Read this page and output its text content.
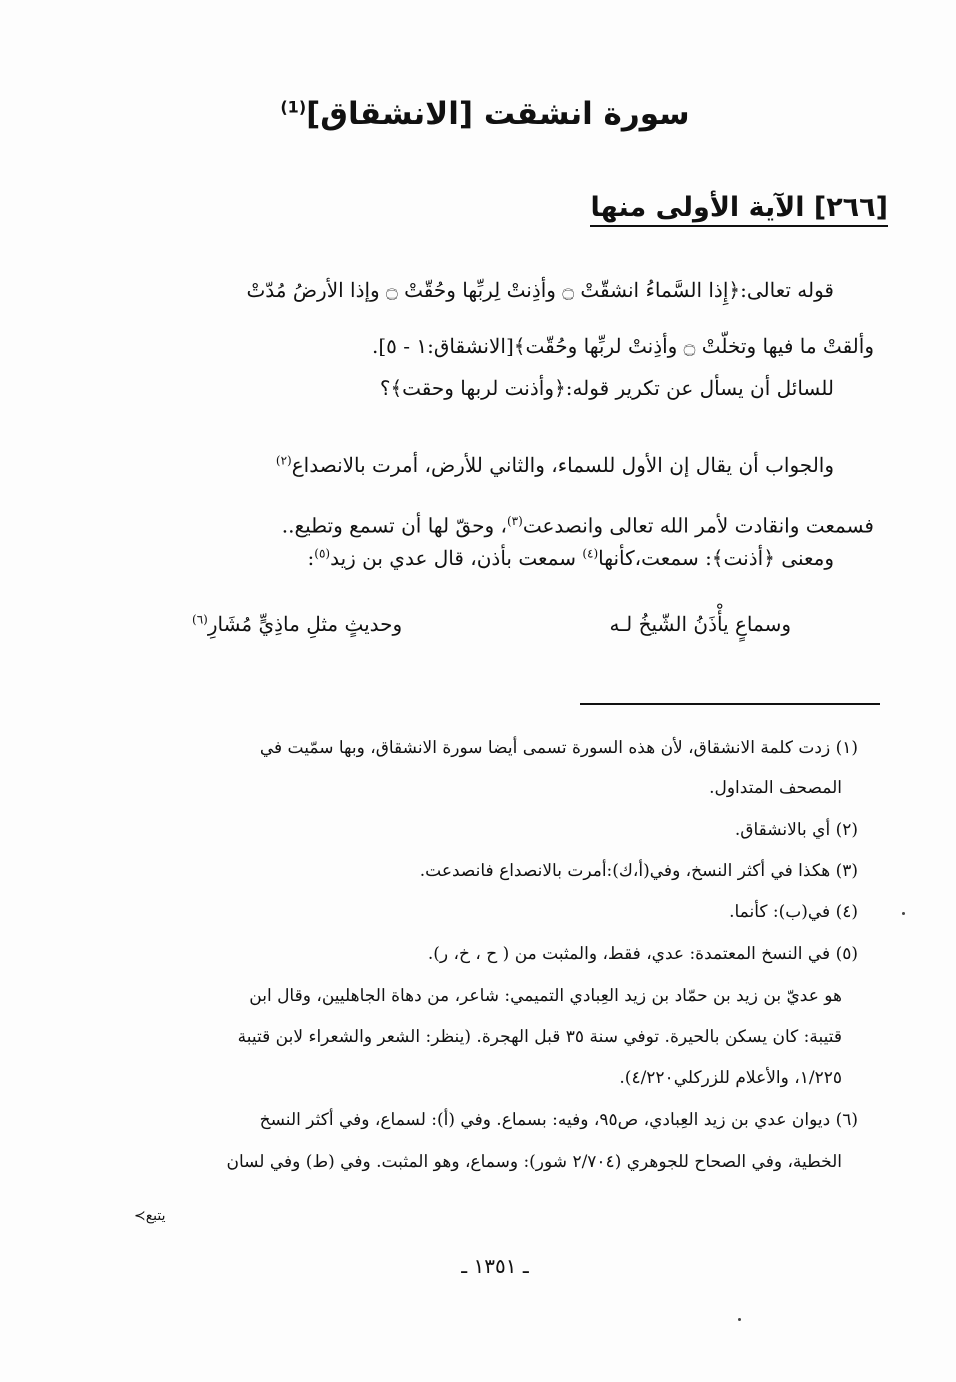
سورة انشقت [الانشقاق]$^{(1)}$
[٢٦٦] الآية الأولى منها
قوله تعالى:﴿إِذا السَّماءُ انشقّتْ ۝ وأذِنتْ لِربِّها وحُقّتْ ۝ وإذا الأرضُ مُدّتْ
وألقتْ ما فيها وتخلّتْ ۝ وأذِنتْ لربِّها وحُقّت﴾[الانشقاق:١ - ٥].
للسائل أن يسأل عن تكرير قوله:﴿وأذنت لربها وحقت﴾؟
والجواب أن يقال إن الأول للسماء، والثاني للأرض، أمرت بالانصداع$^{(٢)}$
فسمعت وانقادت لأمر الله تعالى وانصدعت$^{(٣)}$، وحقّ لها أن تسمع وتطيع..
ومعنى ﴿أذنت﴾: سمعت،كأنها$^{(٤)}$ سمعت بأذن، قال عدي بن زيد$^{(٥)}$:
وسماعٍ يأْذَنُ الشّيخُ لـه
وحديثٍ مثلِ ماذِيٍّ مُشَارِ$^{(٦)}$
(١) زدت كلمة الانشقاق، لأن هذه السورة تسمى أيضا سورة الانشقاق، وبها سمّيت في
المصحف المتداول.
(٢) أي بالانشقاق.
(٣) هكذا في أكثر النسخ، وفي(أ،ك):أمرت بالانصداع فانصدعت.
(٤) في(ب): كأنما.
(٥) في النسخ المعتمدة: عدي، فقط، والمثبت من ( ح ، خ، ر).
هو عديّ بن زيد بن حمّاد بن زيد العِبادي التميمي: شاعر، من دهاة الجاهليين، وقال ابن
قتيبة: كان يسكن بالحيرة. توفي سنة ٣٥ قبل الهجرة. (ينظر: الشعر والشعراء لابن قتيبة
١/٢٢٥، والأعلام للزركلي٤/٢٢٠).
(٦) ديوان عدي بن زيد العِبادي، ص٩٥، وفيه: بسماع. وفي (أ): لسماع، وفي أكثر النسخ
الخطية، وفي الصحاح للجوهري (٢/٧٠٤ شور): وسماع، وهو المثبت. وفي (ط) وفي لسان
يتبع≻
ـ ١٣٥١ ـ
